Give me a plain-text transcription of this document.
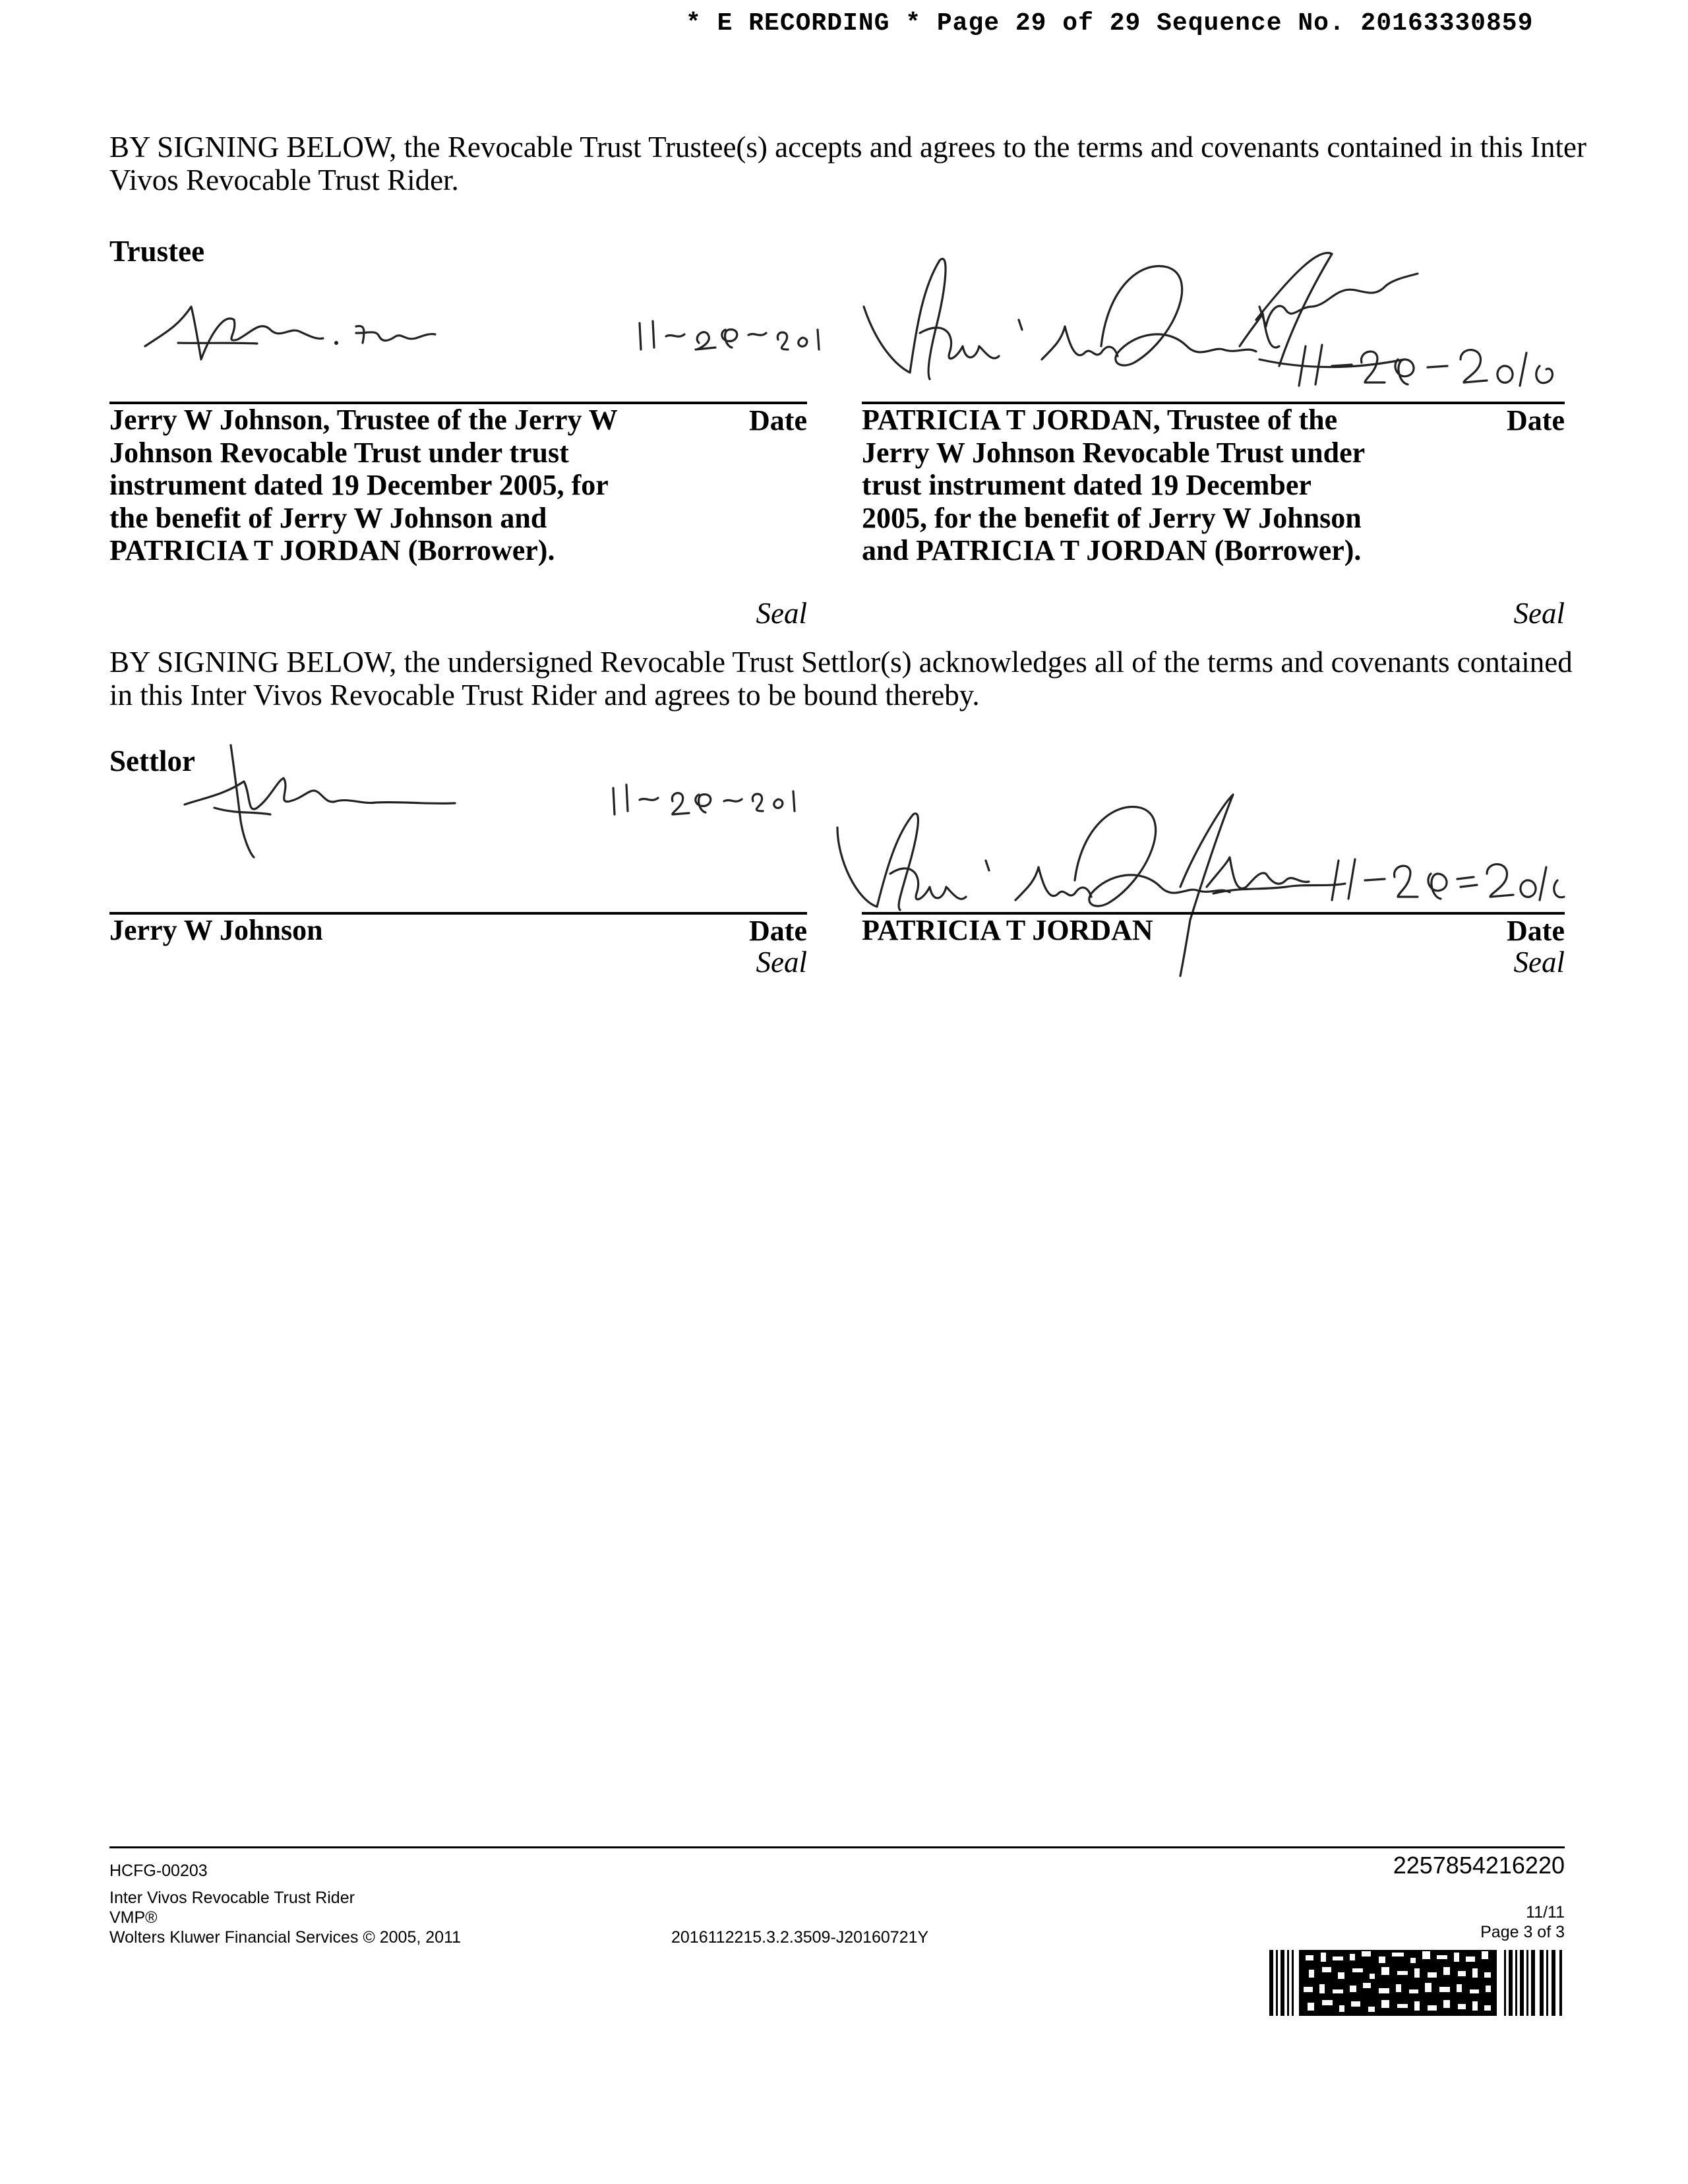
* E RECORDING * Page 29 of 29 Sequence No. 20163330859
BY SIGNING BELOW, the Revocable Trust Trustee(s) accepts and agrees to the terms and covenants contained in this Inter Vivos Revocable Trust Rider.
Trustee
Jerry W Johnson, Trustee of the Jerry W Johnson Revocable Trust under trust instrument dated 19 December 2005, for the benefit of Jerry W Johnson and PATRICIA T JORDAN (Borrower).
Date
Seal
PATRICIA T JORDAN, Trustee of the Jerry W Johnson Revocable Trust under trust instrument dated 19 December 2005, for the benefit of Jerry W Johnson and PATRICIA T JORDAN (Borrower).
Date
Seal
BY SIGNING BELOW, the undersigned Revocable Trust Settlor(s) acknowledges all of the terms and covenants contained in this Inter Vivos Revocable Trust Rider and agrees to be bound thereby.
Settlor
Jerry W Johnson	Date
Seal
PATRICIA T JORDAN	Date
Seal
HCFG-00203
Inter Vivos Revocable Trust Rider
VMP®
Wolters Kluwer Financial Services © 2005, 2011	2016112215.3.2.3509-J20160721Y
2257854216220
11/11
Page 3 of 3
